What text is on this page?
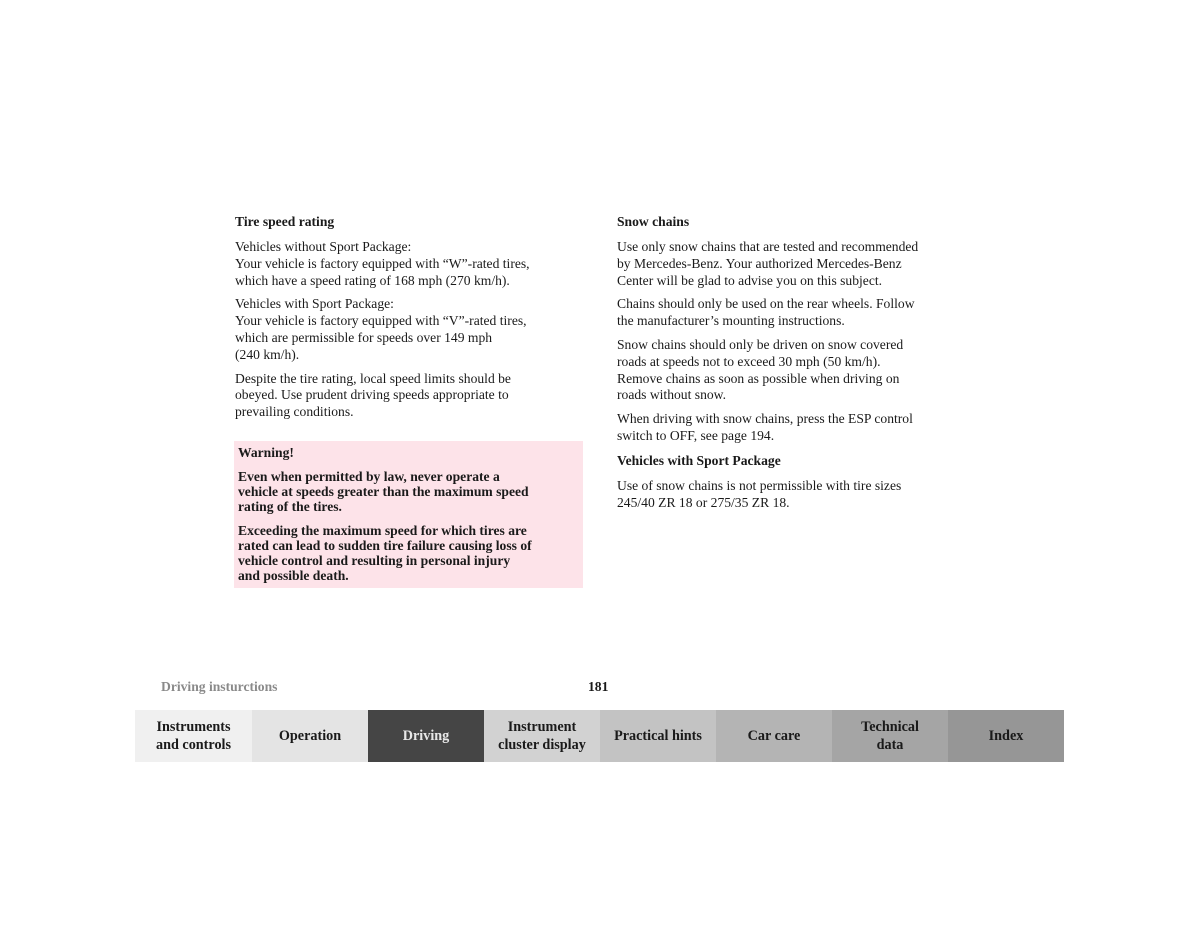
Tire speed rating
Vehicles without Sport Package:
Your vehicle is factory equipped with “W”-rated tires,
which have a speed rating of 168 mph (270 km/h).
Vehicles with Sport Package:
Your vehicle is factory equipped with “V”-rated tires,
which are permissible for speeds over 149 mph
(240 km/h).
Despite the tire rating, local speed limits should be
obeyed. Use prudent driving speeds appropriate to
prevailing conditions.
Warning!
Even when permitted by law, never operate a
vehicle at speeds greater than the maximum speed
rating of the tires.
Exceeding the maximum speed for which tires are
rated can lead to sudden tire failure causing loss of
vehicle control and resulting in personal injury
and possible death.
Snow chains
Use only snow chains that are tested and recommended
by Mercedes-Benz. Your authorized Mercedes-Benz
Center will be glad to advise you on this subject.
Chains should only be used on the rear wheels. Follow
the manufacturer’s mounting instructions.
Snow chains should only be driven on snow covered
roads at speeds not to exceed 30 mph (50 km/h).
Remove chains as soon as possible when driving on
roads without snow.
When driving with snow chains, press the ESP control
switch to OFF, see page 194.
Vehicles with Sport Package
Use of snow chains is not permissible with tire sizes
245/40 ZR 18 or 275/35 ZR 18.
Driving insturctions	181
Instruments
and controls
Operation	Driving
Instrument
cluster display
Practical hints	Car care
Technical
data
Index
